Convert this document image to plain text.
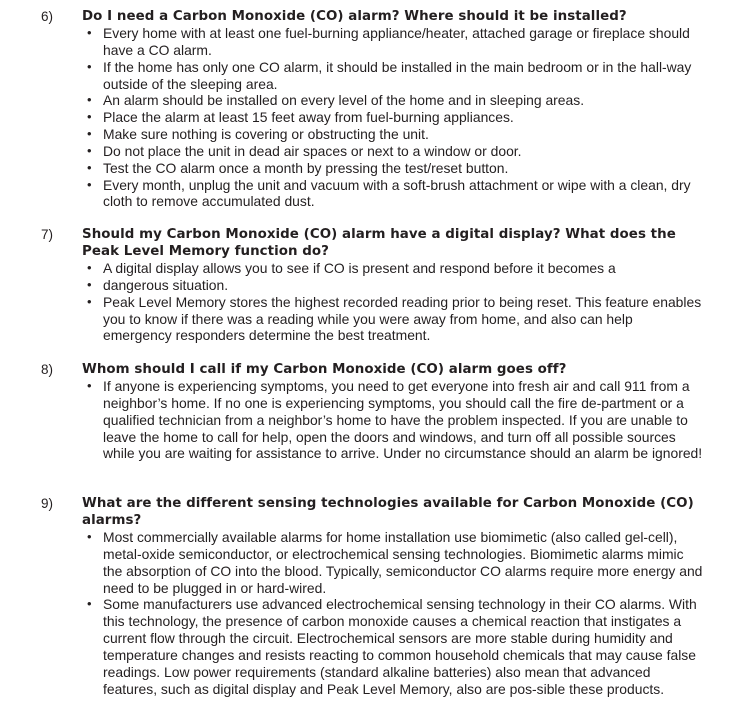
6) Do I need a Carbon Monoxide (CO) alarm? Where should it be installed?
• Every home with at least one fuel-burning appliance/heater, attached garage or fireplace should have a CO alarm.
• If the home has only one CO alarm, it should be installed in the main bedroom or in the hall-way outside of the sleeping area.
• An alarm should be installed on every level of the home and in sleeping areas.
• Place the alarm at least 15 feet away from fuel-burning appliances.
• Make sure nothing is covering or obstructing the unit.
• Do not place the unit in dead air spaces or next to a window or door.
• Test the CO alarm once a month by pressing the test/reset button.
• Every month, unplug the unit and vacuum with a soft-brush attachment or wipe with a clean, dry cloth to remove accumulated dust.
7) Should my Carbon Monoxide (CO) alarm have a digital display? What does the Peak Level Memory function do?
• A digital display allows you to see if CO is present and respond before it becomes a
• dangerous situation.
• Peak Level Memory stores the highest recorded reading prior to being reset. This feature enables you to know if there was a reading while you were away from home, and also can help emergency responders determine the best treatment.
8) Whom should I call if my Carbon Monoxide (CO) alarm goes off?
• If anyone is experiencing symptoms, you need to get everyone into fresh air and call 911 from a neighbor’s home. If no one is experiencing symptoms, you should call the fire de-partment or a qualified technician from a neighbor’s home to have the problem inspected. If you are unable to leave the home to call for help, open the doors and windows, and turn off all possible sources while you are waiting for assistance to arrive. Under no circumstance should an alarm be ignored!
9) What are the different sensing technologies available for Carbon Monoxide (CO) alarms?
• Most commercially available alarms for home installation use biomimetic (also called gel-cell), metal-oxide semiconductor, or electrochemical sensing technologies. Biomimetic alarms mimic the absorption of CO into the blood. Typically, semiconductor CO alarms require more energy and need to be plugged in or hard-wired.
• Some manufacturers use advanced electrochemical sensing technology in their CO alarms. With this technology, the presence of carbon monoxide causes a chemical reaction that instigates a current flow through the circuit. Electrochemical sensors are more stable during humidity and temperature changes and resists reacting to common household chemicals that may cause false readings. Low power requirements (standard alkaline batteries) also mean that advanced features, such as digital display and Peak Level Memory, also are pos-sible these products.
